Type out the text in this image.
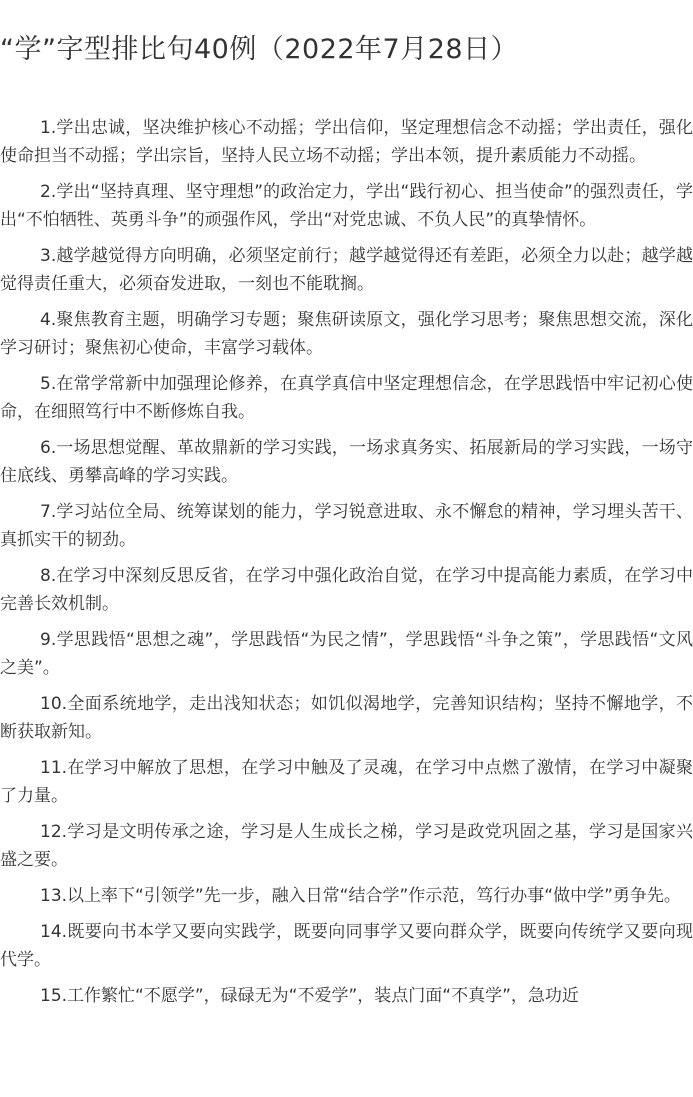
“学”字型排比句40例（2022年7月28日）

1.学出忠诚，坚决维护核心不动摇；学出信仰，坚定理想信念不动摇；学出责任，强化使命担当不动摇；学出宗旨，坚持人民立场不动摇；学出本领，提升素质能力不动摇。

2.学出“坚持真理、坚守理想”的政治定力，学出“践行初心、担当使命”的强烈责任，学出“不怕牺牲、英勇斗争”的顽强作风，学出“对党忠诚、不负人民”的真挚情怀。

3.越学越觉得方向明确，必须坚定前行；越学越觉得还有差距，必须全力以赴；越学越觉得责任重大，必须奋发进取，一刻也不能耽搁。

4.聚焦教育主题，明确学习专题；聚焦研读原文，强化学习思考；聚焦思想交流，深化学习研讨；聚焦初心使命，丰富学习载体。

5.在常学常新中加强理论修养，在真学真信中坚定理想信念，在学思践悟中牢记初心使命，在细照笃行中不断修炼自我。

6.一场思想觉醒、革故鼎新的学习实践，一场求真务实、拓展新局的学习实践，一场守住底线、勇攀高峰的学习实践。

7.学习站位全局、统筹谋划的能力，学习锐意进取、永不懈怠的精神，学习埋头苦干、真抓实干的韧劲。

8.在学习中深刻反思反省，在学习中强化政治自觉，在学习中提高能力素质，在学习中完善长效机制。

9.学思践悟“思想之魂”，学思践悟“为民之情”，学思践悟“斗争之策”，学思践悟“文风之美”。

10.全面系统地学，走出浅知状态；如饥似渴地学，完善知识结构；坚持不懈地学，不断获取新知。

11.在学习中解放了思想，在学习中触及了灵魂，在学习中点燃了激情，在学习中凝聚了力量。

12.学习是文明传承之途，学习是人生成长之梯，学习是政党巩固之基，学习是国家兴盛之要。

13.以上率下“引领学”先一步，融入日常“结合学”作示范，笃行办事“做中学”勇争先。

14.既要向书本学又要向实践学，既要向同事学又要向群众学，既要向传统学又要向现代学。

15.工作繁忙“不愿学”，碌碌无为“不爱学”，装点门面“不真学”，急功近
